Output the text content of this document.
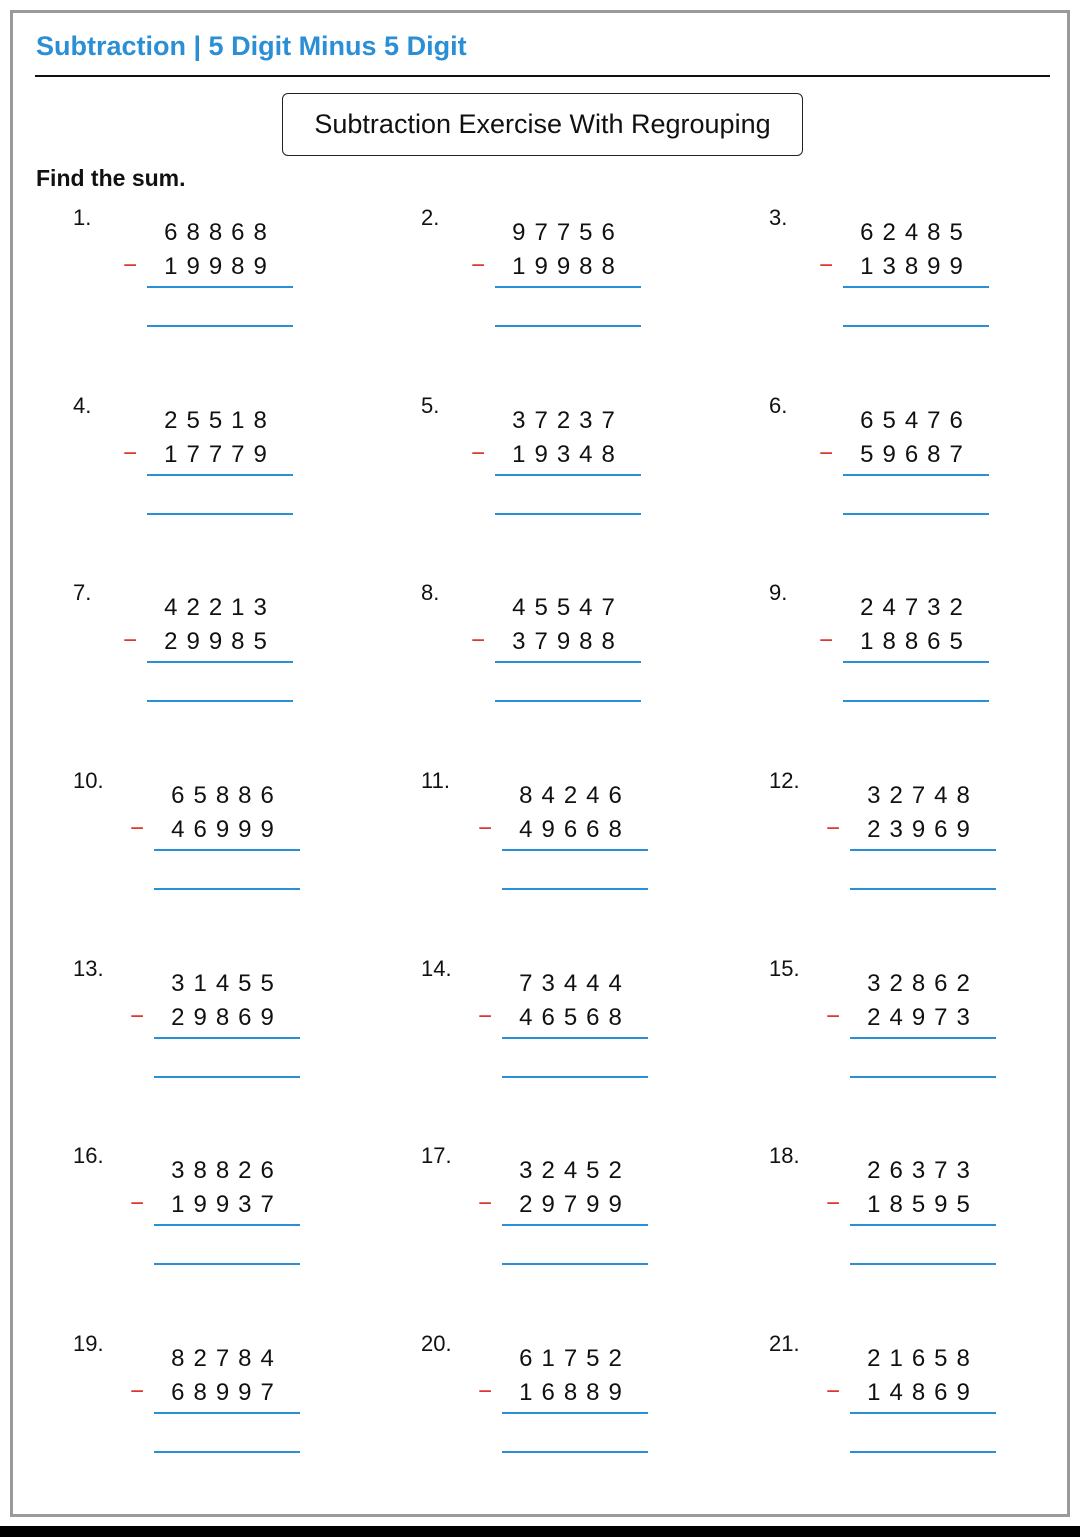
Subtraction | 5 Digit Minus 5 Digit
Subtraction Exercise With Regrouping
Find the sum.
1.
68868
−	19989
2.
97756
−	19988
3.
62485
−	13899
4.
25518
−	17779
5.
37237
−	19348
6.
65476
−	59687
7.
42213
−	29985
8.
45547
−	37988
9.
24732
−	18865
10.
65886
−	46999
11.
84246
−	49668
12.
32748
−	23969
13.
31455
−	29869
14.
73444
−	46568
15.
32862
−	24973
16.
38826
−	19937
17.
32452
−	29799
18.
26373
−	18595
19.
82784
−	68997
20.
61752
−	16889
21.
21658
−	14869
